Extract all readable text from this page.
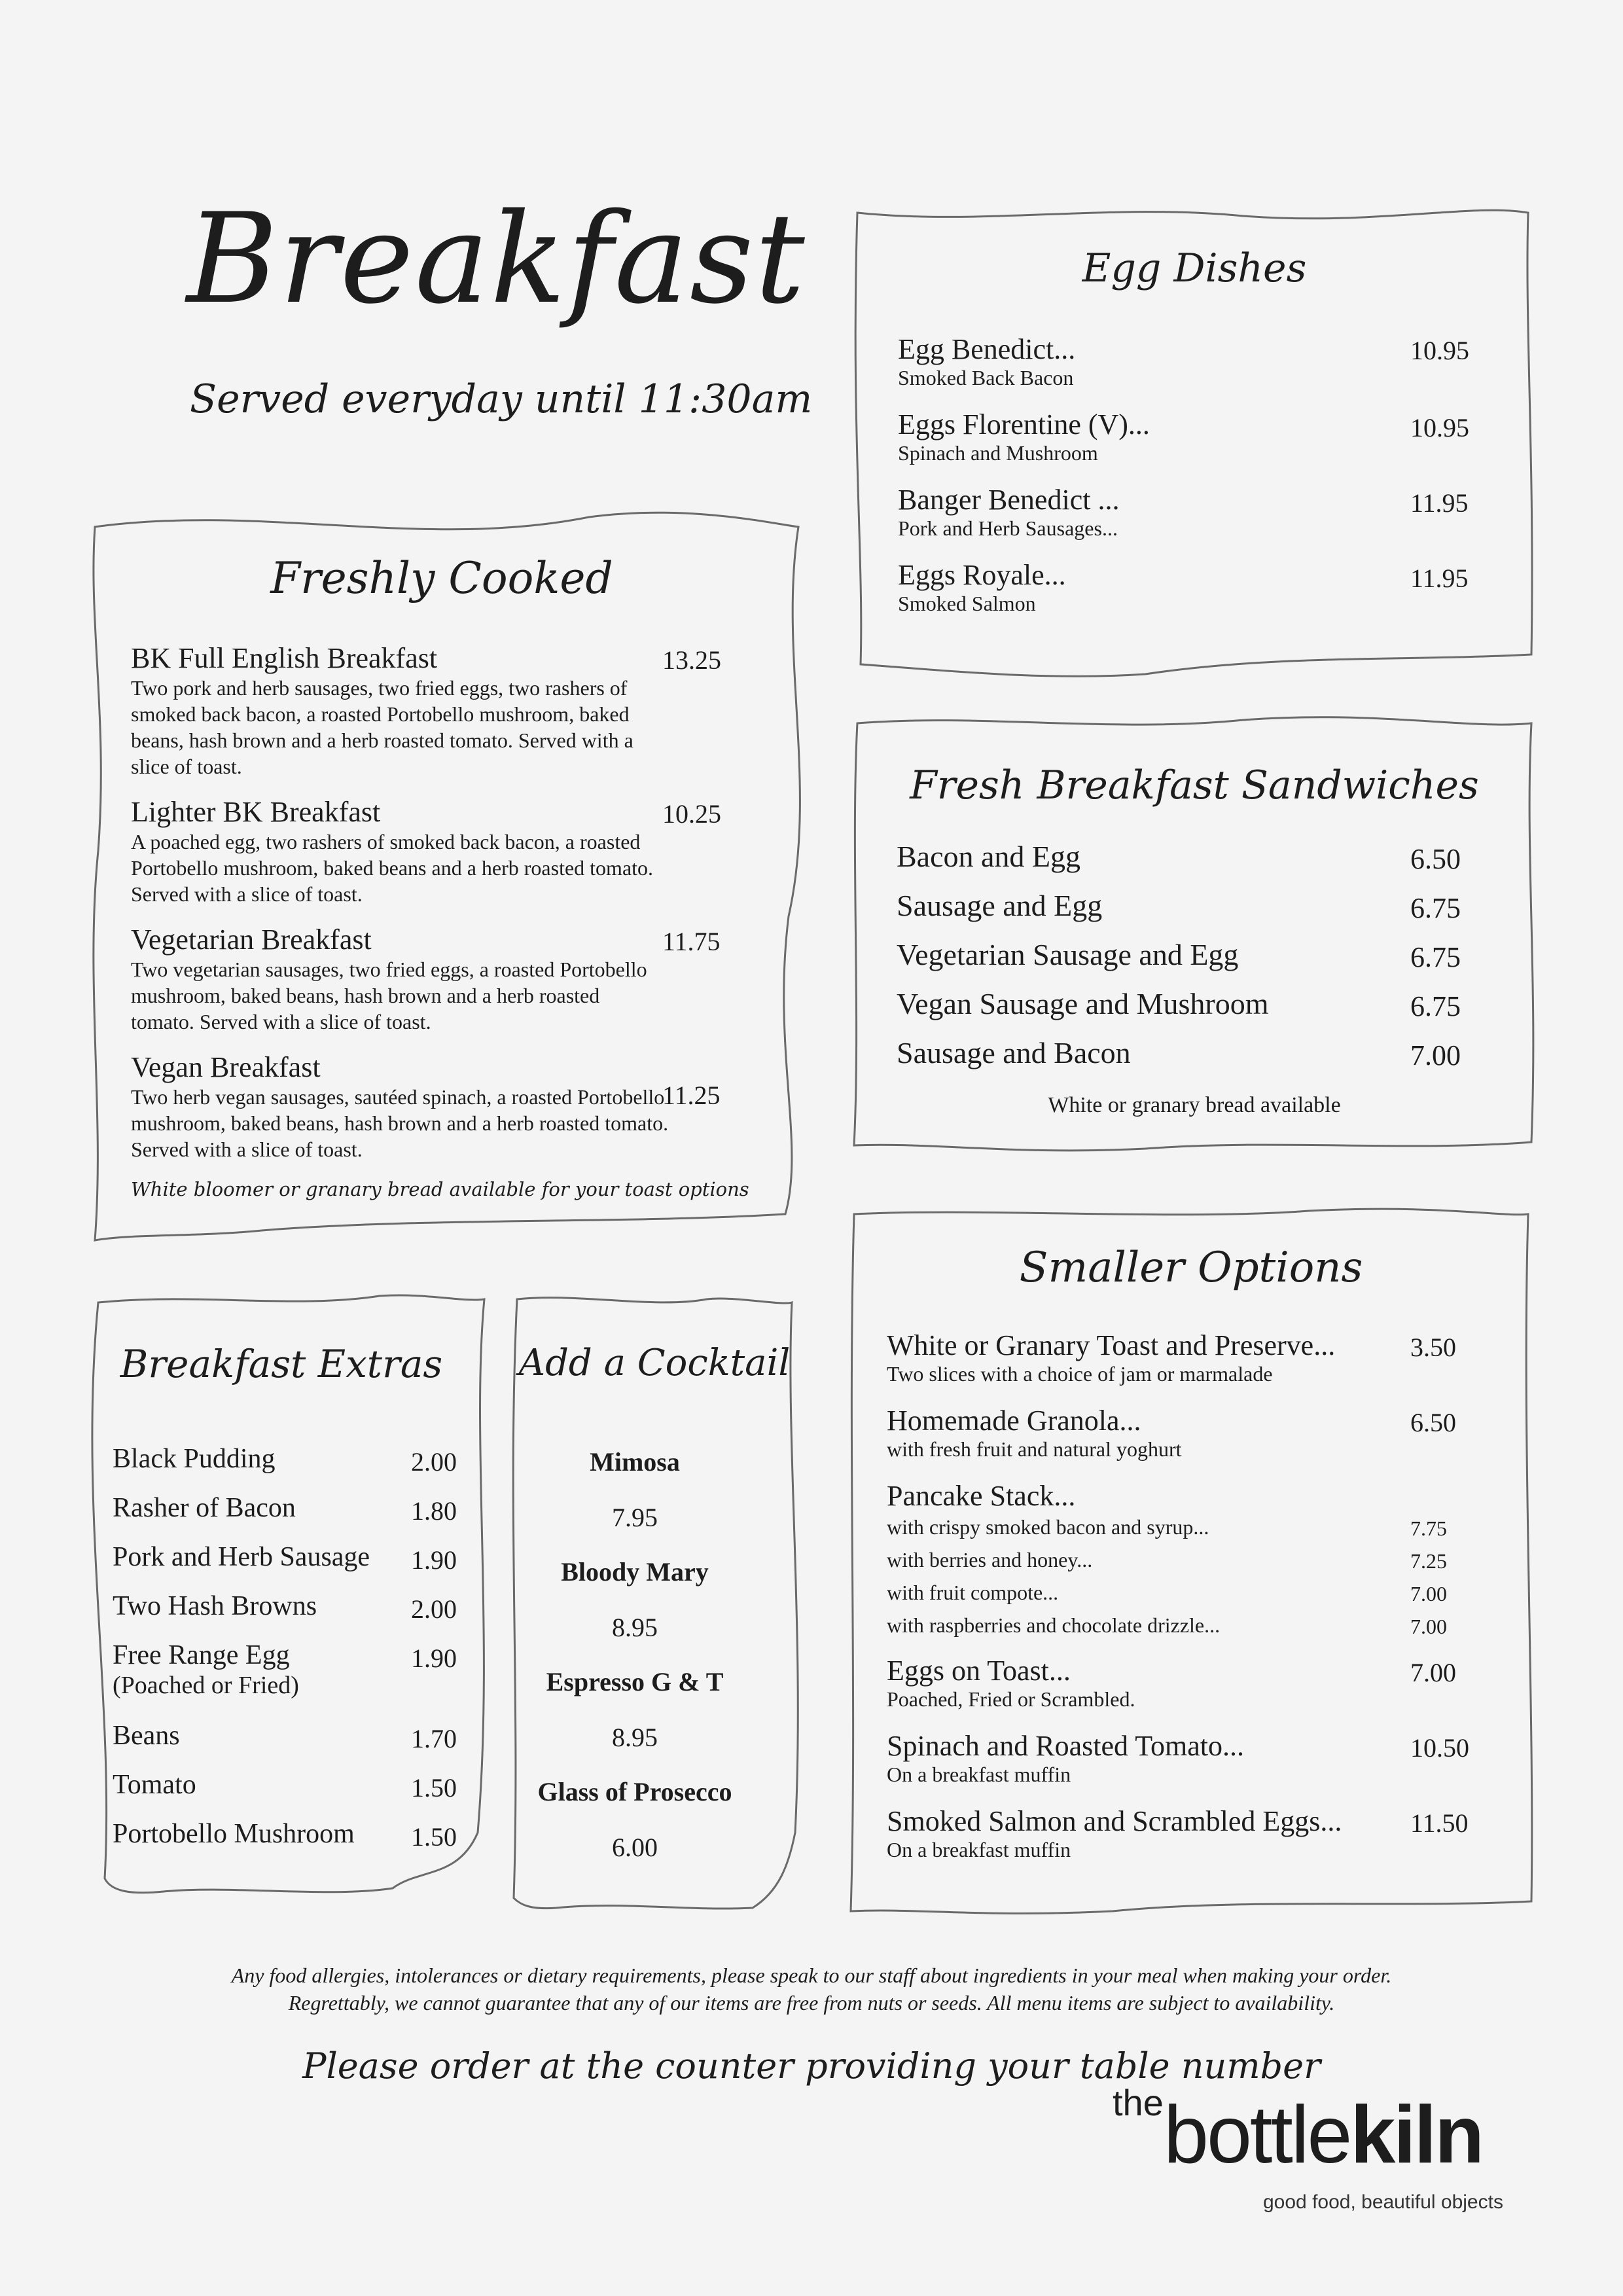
Breakfast
Served everyday until 11:30am
Freshly Cooked
BK Full English Breakfast
Two pork and herb sausages, two fried eggs, two rashers of smoked back bacon, a roasted Portobello mushroom, baked beans, hash brown and a herb roasted tomato. Served with a slice of toast.
13.25
Lighter BK Breakfast
A poached egg, two rashers of smoked back bacon, a roasted Portobello mushroom, baked beans and a herb roasted tomato. Served with a slice of toast.
10.25
Vegetarian Breakfast
Two vegetarian sausages, two fried eggs, a roasted Portobello mushroom, baked beans, hash brown and a herb roasted tomato. Served with a slice of toast.
11.75
Vegan Breakfast
Two herb vegan sausages, sautéed spinach, a roasted Portobello mushroom, baked beans, hash brown and a herb roasted tomato. Served with a slice of toast.
11.25
White bloomer or granary bread available for your toast options
Egg Dishes
Egg Benedict...
Smoked Back Bacon
10.95
Eggs Florentine (V)...
Spinach and Mushroom
10.95
Banger Benedict ...
Pork and Herb Sausages...
11.95
Eggs Royale...
Smoked Salmon
11.95
Fresh Breakfast Sandwiches
Bacon and Egg	6.50
Sausage and Egg	6.75
Vegetarian Sausage and Egg	6.75
Vegan Sausage and Mushroom	6.75
Sausage and Bacon	7.00
White or granary bread available
Smaller Options
White or Granary Toast and Preserve...
Two slices with a choice of jam or marmalade
3.50
Homemade Granola...
with fresh fruit and natural yoghurt
6.50
Pancake Stack...
with crispy smoked bacon and syrup...	7.75
with berries and honey...	7.25
with fruit compote...	7.00
with raspberries and chocolate drizzle...	7.00
Eggs on Toast...
Poached, Fried or Scrambled.
7.00
Spinach and Roasted Tomato...
On a breakfast muffin
10.50
Smoked Salmon and Scrambled Eggs...
On a breakfast muffin
11.50
Breakfast Extras
Black Pudding	2.00
Rasher of Bacon	1.80
Pork and Herb Sausage 1.90
Two Hash Browns	2.00
Free Range Egg
(Poached or Fried)
1.90
Beans	1.70
Tomato	1.50
Portobello Mushroom 1.50
Add a Cocktail
Mimosa
7.95
Bloody Mary
8.95
Espresso G & T
8.95
Glass of Prosecco
6.00
Any food allergies, intolerances or dietary requirements, please speak to our staff about ingredients in your meal when making your order.
Regrettably, we cannot guarantee that any of our items are free from nuts or seeds. All menu items are subject to availability.
Please order at the counter providing your table number
the bottlekiln
good food, beautiful objects
